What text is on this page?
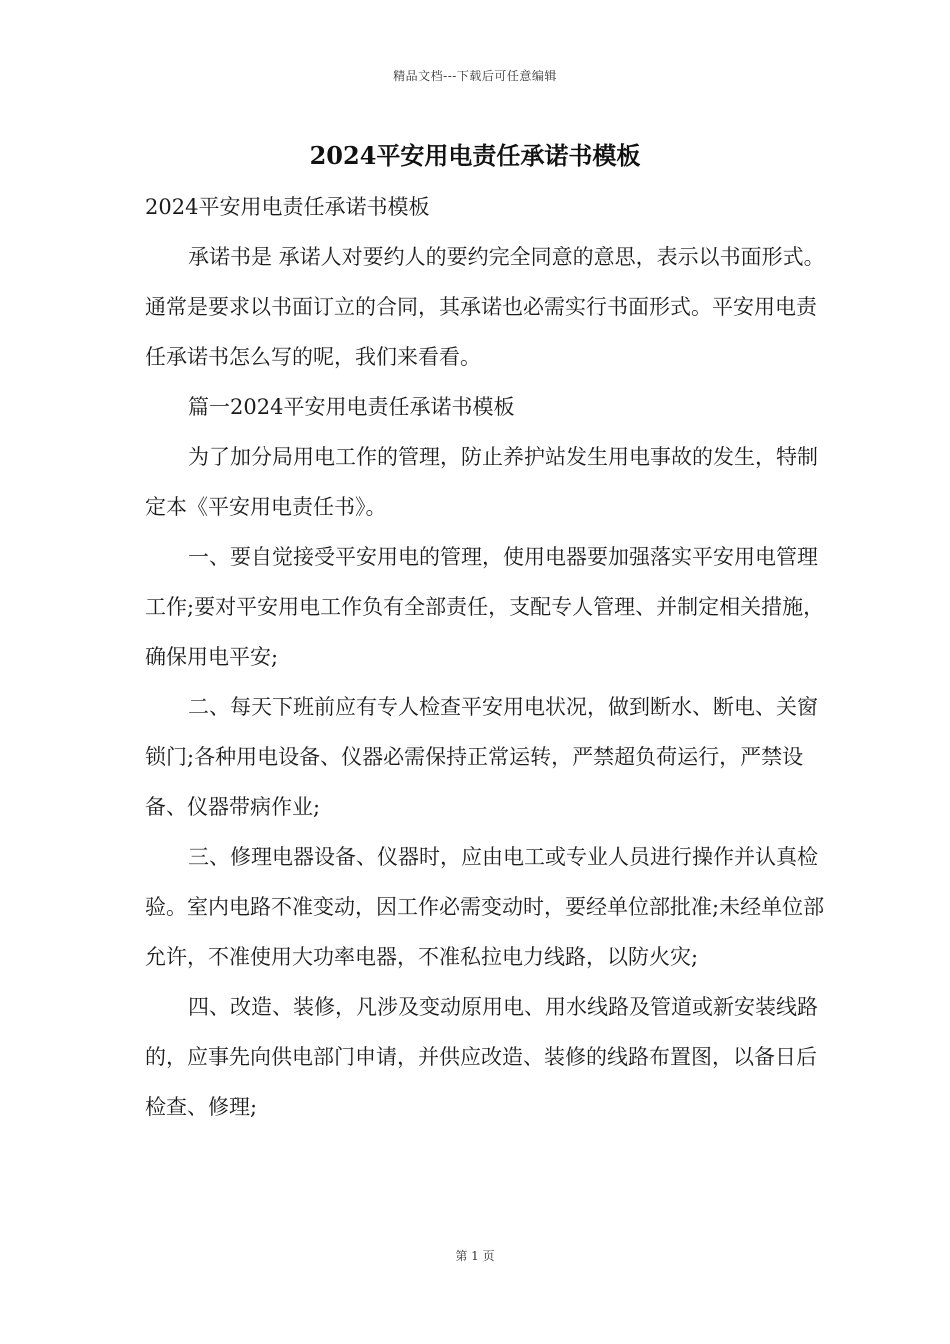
精品文档---下载后可任意编辑
2024平安用电责任承诺书模板

2024平安用电责任承诺书模板

承诺书是 承诺人对要约人的要约完全同意的意思，表示以书面形式。通常是要求以书面订立的合同，其承诺也必需实行书面形式。平安用电责任承诺书怎么写的呢，我们来看看。

篇一2024平安用电责任承诺书模板

为了加分局用电工作的管理，防止养护站发生用电事故的发生，特制定本《平安用电责任书》。

一、要自觉接受平安用电的管理，使用电器要加强落实平安用电管理工作;要对平安用电工作负有全部责任，支配专人管理、并制定相关措施，确保用电平安;

二、每天下班前应有专人检查平安用电状况，做到断水、断电、关窗锁门;各种用电设备、仪器必需保持正常运转，严禁超负荷运行，严禁设备、仪器带病作业;

三、修理电器设备、仪器时，应由电工或专业人员进行操作并认真检验。室内电路不准变动，因工作必需变动时，要经单位部批准;未经单位部允许，不准使用大功率电器，不准私拉电力线路，以防火灾;

四、改造、装修，凡涉及变动原用电、用水线路及管道或新安装线路的，应事先向供电部门申请，并供应改造、装修的线路布置图，以备日后检查、修理;

第 1 页
